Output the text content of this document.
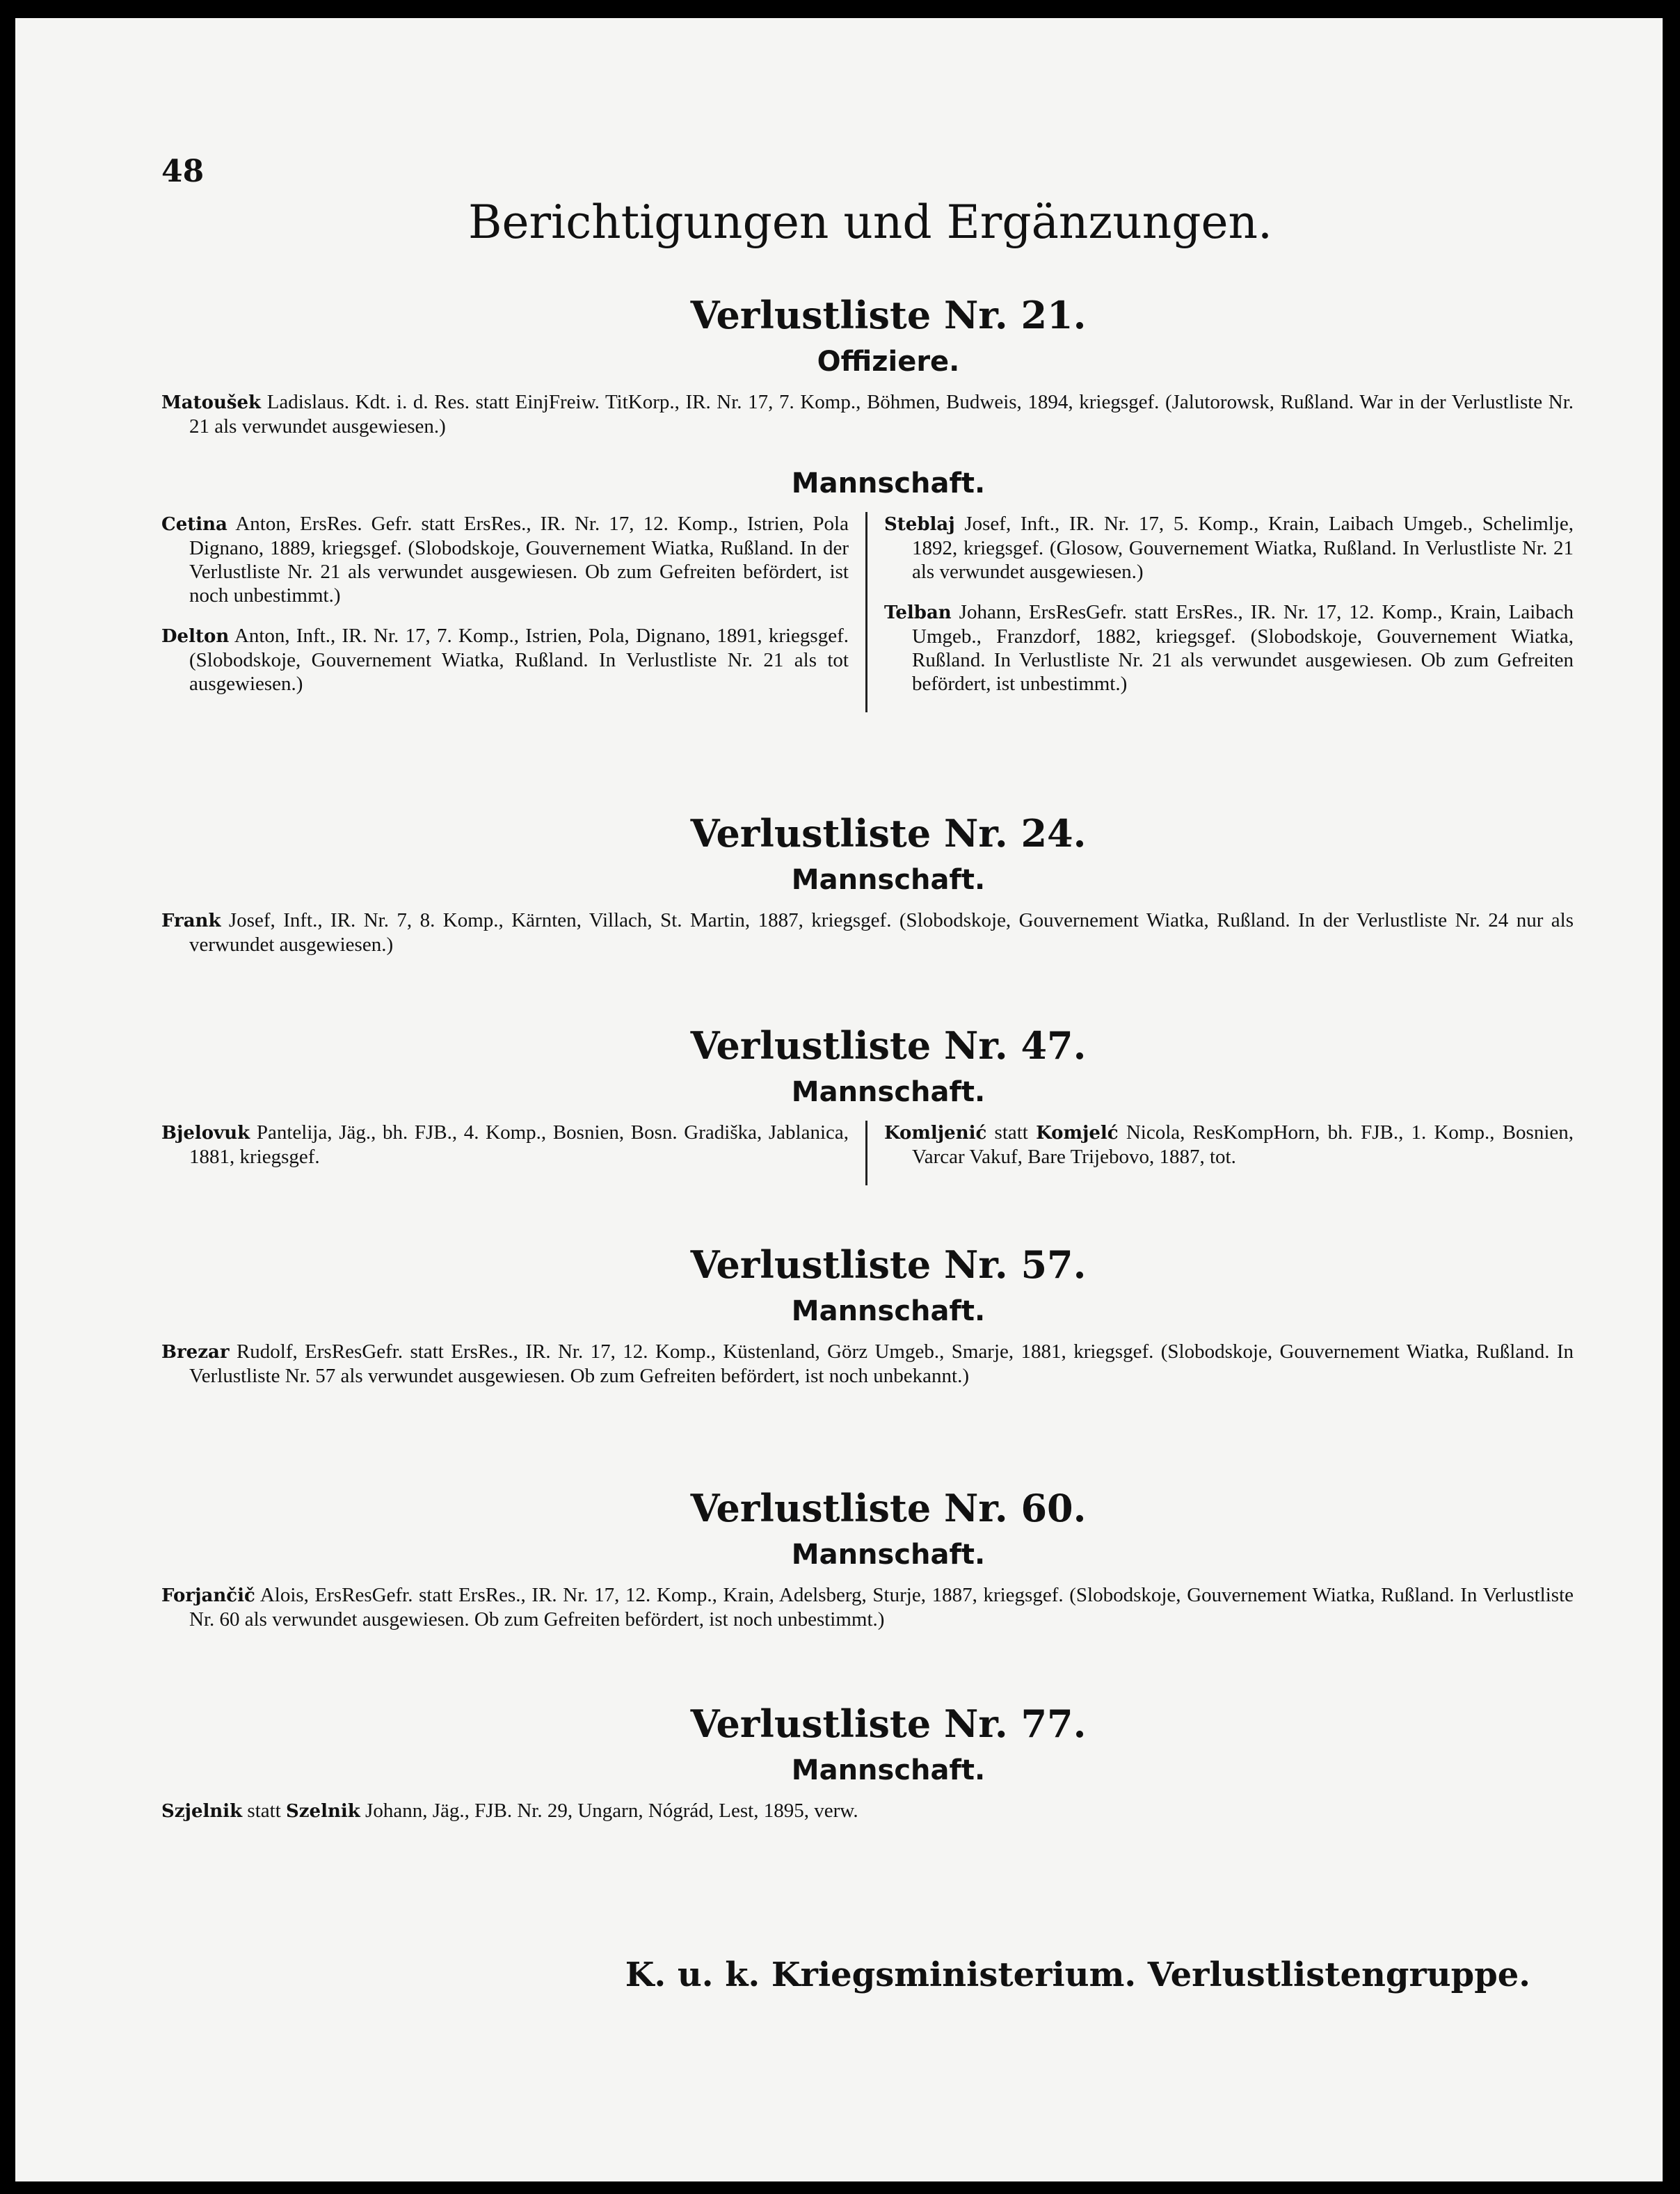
48
Berichtigungen und Ergänzungen.
Verlustliste Nr. 21.
Offiziere.
Matoušek Ladislaus. Kdt. i. d. Res. statt EinjFreiw. TitKorp., IR. Nr. 17, 7. Komp., Böhmen, Budweis, 1894, kriegsgef. (Jalutorowsk, Rußland. War in der Verlustliste Nr. 21 als verwundet ausgewiesen.)
Mannschaft.
Cetina Anton, ErsRes. Gefr. statt ErsRes., IR. Nr. 17, 12. Komp., Istrien, Pola Dignano, 1889, kriegsgef. (Slobodskoje, Gouvernement Wiatka, Rußland. In der Verlustliste Nr. 21 als verwundet ausgewiesen. Ob zum Gefreiten befördert, ist noch unbestimmt.)
Delton Anton, Inft., IR. Nr. 17, 7. Komp., Istrien, Pola, Dignano, 1891, kriegsgef. (Slobodskoje, Gouvernement Wiatka, Rußland. In Verlustliste Nr. 21 als tot ausgewiesen.)
Steblaj Josef, Inft., IR. Nr. 17, 5. Komp., Krain, Laibach Umgeb., Schelimlje, 1892, kriegsgef. (Glosow, Gouvernement Wiatka, Rußland. In Verlustliste Nr. 21 als verwundet ausgewiesen.)
Telban Johann, ErsResGefr. statt ErsRes., IR. Nr. 17, 12. Komp., Krain, Laibach Umgeb., Franzdorf, 1882, kriegsgef. (Slobodskoje, Gouvernement Wiatka, Rußland. In Verlustliste Nr. 21 als verwundet ausgewiesen. Ob zum Gefreiten befördert, ist unbestimmt.)
Verlustliste Nr. 24.
Mannschaft.
Frank Josef, Inft., IR. Nr. 7, 8. Komp., Kärnten, Villach, St. Martin, 1887, kriegsgef. (Slobodskoje, Gouvernement Wiatka, Rußland. In der Verlustliste Nr. 24 nur als verwundet ausgewiesen.)
Verlustliste Nr. 47.
Mannschaft.
Bjelovuk Pantelija, Jäg., bh. FJB., 4. Komp., Bosnien, Bosn. Gradiška, Jablanica, 1881, kriegsgef.
Komljenić statt Komjelć Nicola, ResKompHorn, bh. FJB., 1. Komp., Bosnien, Varcar Vakuf, Bare Trijebovo, 1887, tot.
Verlustliste Nr. 57.
Mannschaft.
Brezar Rudolf, ErsResGefr. statt ErsRes., IR. Nr. 17, 12. Komp., Küstenland, Görz Umgeb., Smarje, 1881, kriegsgef. (Slobodskoje, Gouvernement Wiatka, Rußland. In Verlustliste Nr. 57 als verwundet ausgewiesen. Ob zum Gefreiten befördert, ist noch unbekannt.)
Verlustliste Nr. 60.
Mannschaft.
Forjančič Alois, ErsResGefr. statt ErsRes., IR. Nr. 17, 12. Komp., Krain, Adelsberg, Sturje, 1887, kriegsgef. (Slobodskoje, Gouvernement Wiatka, Rußland. In Verlustliste Nr. 60 als verwundet ausgewiesen. Ob zum Gefreiten befördert, ist noch unbestimmt.)
Verlustliste Nr. 77.
Mannschaft.
Szjelnik statt Szelnik Johann, Jäg., FJB. Nr. 29, Ungarn, Nógrád, Lest, 1895, verw.
K. u. k. Kriegsministerium. Verlustlistengruppe.
